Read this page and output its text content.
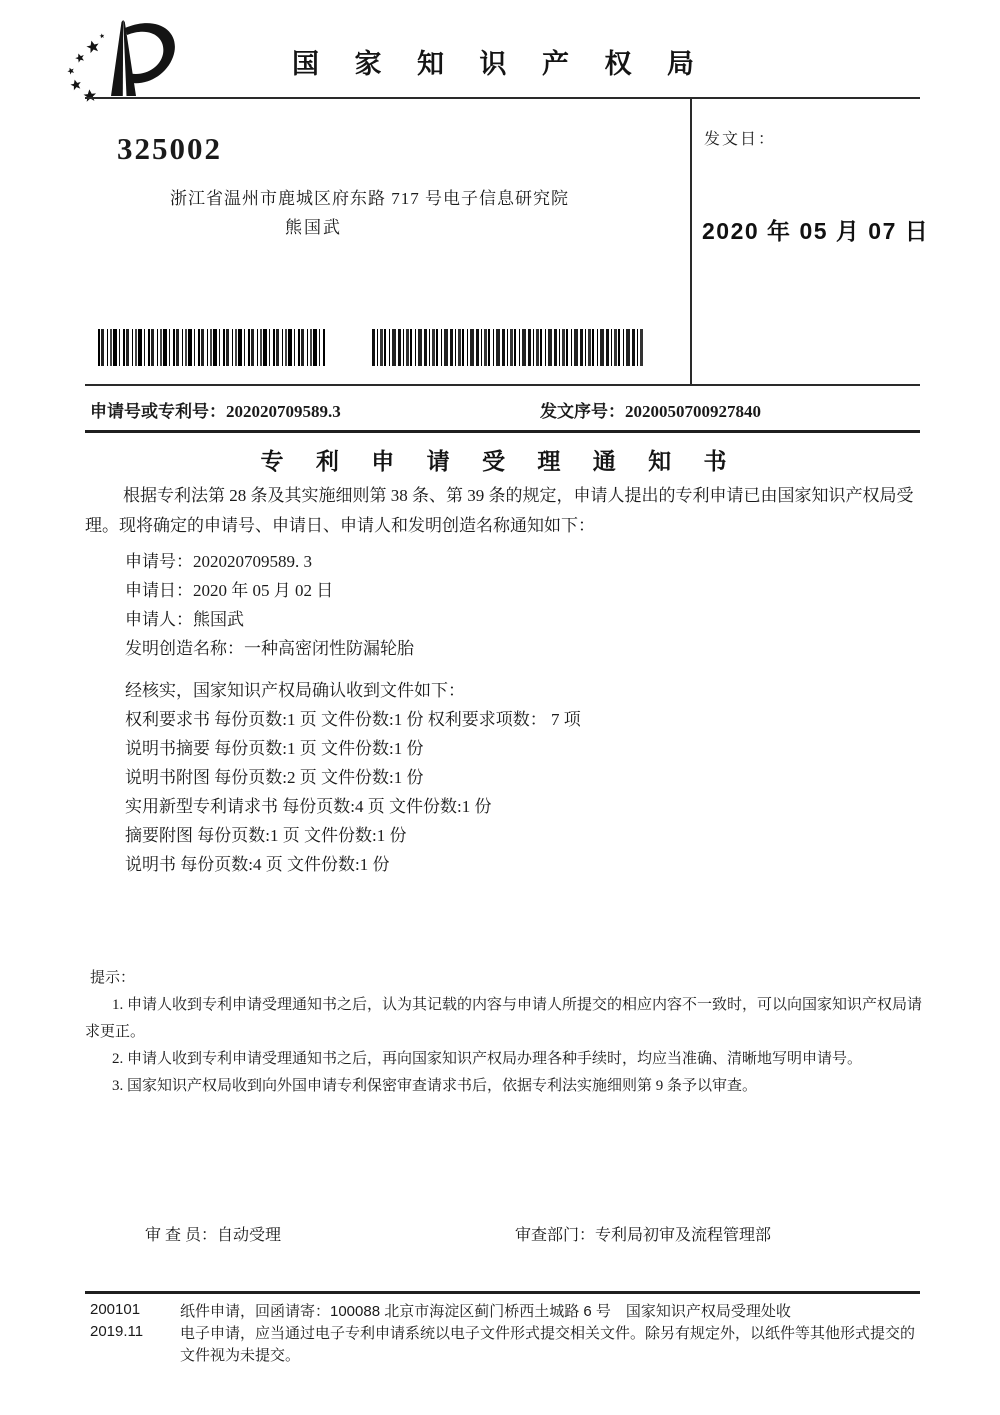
国 家 知 识 产 权 局
325002
浙江省温州市鹿城区府东路 717 号电子信息研究院
熊国武
发文日：
2020 年 05 月 07 日
申请号或专利号：202020709589.3	发文序号：2020050700927840
专 利 申 请 受 理 通 知 书

根据专利法第 28 条及其实施细则第 38 条、第 39 条的规定，申请人提出的专利申请已由国家知识产权局受理。现将确定的申请号、申请日、申请人和发明创造名称通知如下：

申请号：202020709589. 3
申请日：2020 年 05 月 02 日
申请人：熊国武
发明创造名称：一种高密闭性防漏轮胎
经核实，国家知识产权局确认收到文件如下：
权利要求书 每份页数:1 页 文件份数:1 份 权利要求项数： 7 项
说明书摘要 每份页数:1 页 文件份数:1 份
说明书附图 每份页数:2 页 文件份数:1 份
实用新型专利请求书 每份页数:4 页 文件份数:1 份
摘要附图 每份页数:1 页 文件份数:1 份
说明书 每份页数:4 页 文件份数:1 份
提示：

1. 申请人收到专利申请受理通知书之后，认为其记载的内容与申请人所提交的相应内容不一致时，可以向国家知识产权局请求更正。

2. 申请人收到专利申请受理通知书之后，再向国家知识产权局办理各种手续时，均应当准确、清晰地写明申请号。

3. 国家知识产权局收到向外国申请专利保密审查请求书后，依据专利法实施细则第 9 条予以审查。

审 查 员：自动受理	审查部门：专利局初审及流程管理部
200101
2019.11

纸件申请，回函请寄：100088 北京市海淀区蓟门桥西土城路 6 号　国家知识产权局受理处收

电子申请，应当通过电子专利申请系统以电子文件形式提交相关文件。除另有规定外，以纸件等其他形式提交的文件视为未提交。
